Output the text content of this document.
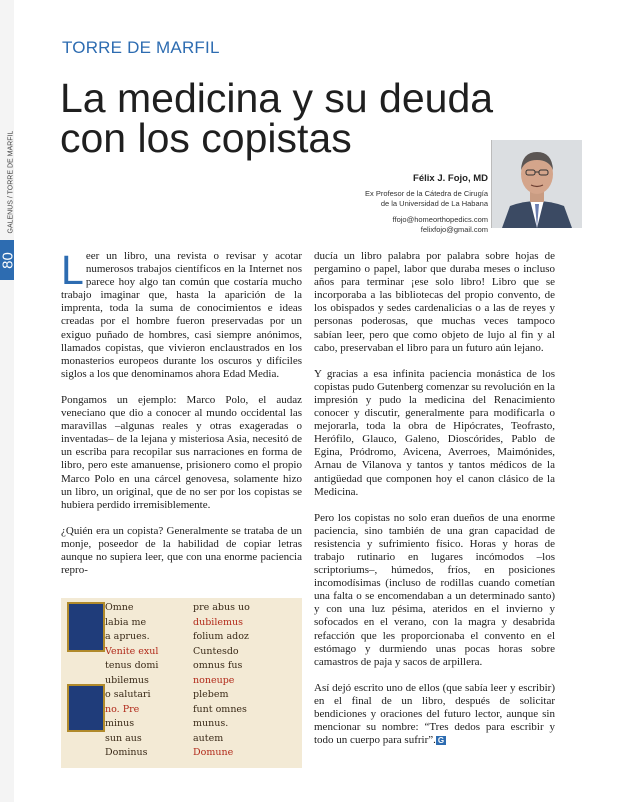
GALENUS / TORRE DE MARFIL
80
TORRE DE MARFIL
La medicina y su deuda con los copistas
Félix J. Fojo, MD
Ex Profesor de la Cátedra de Cirugía
de la Universidad de La Habana
ffojo@homeorthopedics.com
felixfojo@gmail.com

Leer un libro, una revista o revisar y acotar numerosos trabajos científicos en la Internet nos parece hoy algo tan común que costaría mucho trabajo imaginar que, hasta la aparición de la imprenta, toda la suma de conocimientos e ideas creadas por el hombre fueron preservadas por un exiguo puñado de hombres, casi siempre anónimos, llamados copistas, que vivieron enclaustrados en los monasterios europeos durante los oscuros y difíciles siglos a los que denominamos ahora Edad Media.

Pongamos un ejemplo: Marco Polo, el audaz veneciano que dio a conocer al mundo occidental las maravillas –algunas reales y otras exageradas o inventadas– de la lejana y misteriosa Asia, necesitó de un escriba para recopilar sus narraciones en forma de libro, pero este amanuense, prisionero como el propio Marco Polo en una cárcel genovesa, solamente hizo un libro, un original, que de no ser por los copistas se hubiera perdido irremisiblemente.

¿Quién era un copista? Generalmente se trataba de un monje, poseedor de la habilidad de copiar letras aunque no supiera leer, que con una enorme paciencia repro-

Omne
labia me
a aprues.
Venite exul
tenus domi
ubilemus
o salutari
no. Pre
minus
sun aus
Dominus
pre abus uo
dubilemus
folium adoz
Cuntesdo
omnus fus
noneupe
plebem
funt omnes
munus.
autem
Domune

ducía un libro palabra por palabra sobre hojas de pergamino o papel, labor que duraba meses o incluso años para terminar ¡ese solo libro! Libro que se incorporaba a las bibliotecas del propio convento, de los obispados y sedes cardenalicias o a las de reyes y personas poderosas, que muchas veces tampoco sabían leer, pero que como objeto de lujo al fin y al cabo, preservaban el libro para un futuro aún lejano.

Y gracias a esa infinita paciencia monástica de los copistas pudo Gutenberg comenzar su revolución en la impresión y pudo la medicina del Renacimiento conocer y discutir, generalmente para modificarla o mejorarla, toda la obra de Hipócrates, Teofrasto, Herófilo, Glauco, Galeno, Dioscórides, Pablo de Egina, Pródromo, Avicena, Averroes, Maimónides, Arnau de Vilanova y tantos y tantos médicos de la antigüedad que componen hoy el canon clásico de la Medicina.

Pero los copistas no solo eran dueños de una enorme paciencia, sino también de una gran capacidad de resistencia y sufrimiento físico. Horas y horas de trabajo rutinario en lugares incómodos –los scriptoriums–, húmedos, fríos, en posiciones incomodísimas (incluso de rodillas cuando cometían una falta o se encomendaban a un determinado santo) y con una luz pésima, ateridos en el invierno y sofocados en el verano, con la magra y desabrida refacción que les proporcionaba el convento en el estómago y durmiendo unas pocas horas sobre camastros de paja y sacos de arpillera.

Así dejó escrito uno de ellos (que sabía leer y escribir) en el final de un libro, después de solicitar bendiciones y oraciones del futuro lector, aunque sin mencionar su nombre: “Tres dedos para escribir y todo un cuerpo para sufrir”. G
